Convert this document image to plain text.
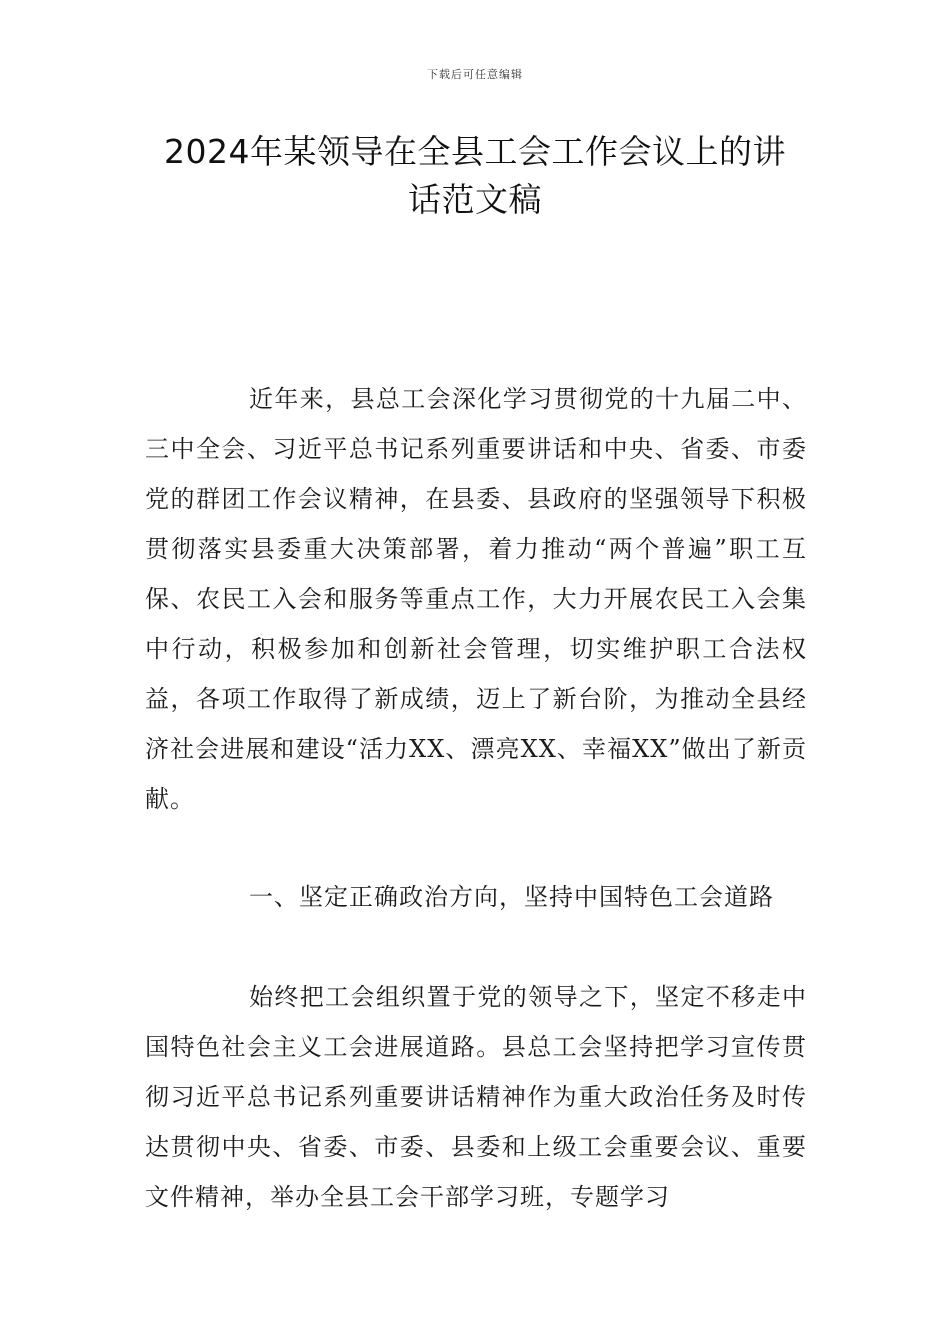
下载后可任意编辑
2024年某领导在全县工会工作会议上的讲
话范文稿

近年来，县总工会深化学习贯彻党的十九届二中、三中全会、习近平总书记系列重要讲话和中央、省委、市委党的群团工作会议精神，在县委、县政府的坚强领导下积极贯彻落实县委重大决策部署，着力推动“两个普遍”职工互保、农民工入会和服务等重点工作，大力开展农民工入会集中行动，积极参加和创新社会管理，切实维护职工合法权益，各项工作取得了新成绩，迈上了新台阶，为推动全县经济社会进展和建设“活力XX、漂亮XX、幸福XX”做出了新贡献。

一、坚定正确政治方向，坚持中国特色工会道路

始终把工会组织置于党的领导之下，坚定不移走中国特色社会主义工会进展道路。县总工会坚持把学习宣传贯彻习近平总书记系列重要讲话精神作为重大政治任务及时传达贯彻中央、省委、市委、县委和上级工会重要会议、重要文件精神，举办全县工会干部学习班，专题学习
